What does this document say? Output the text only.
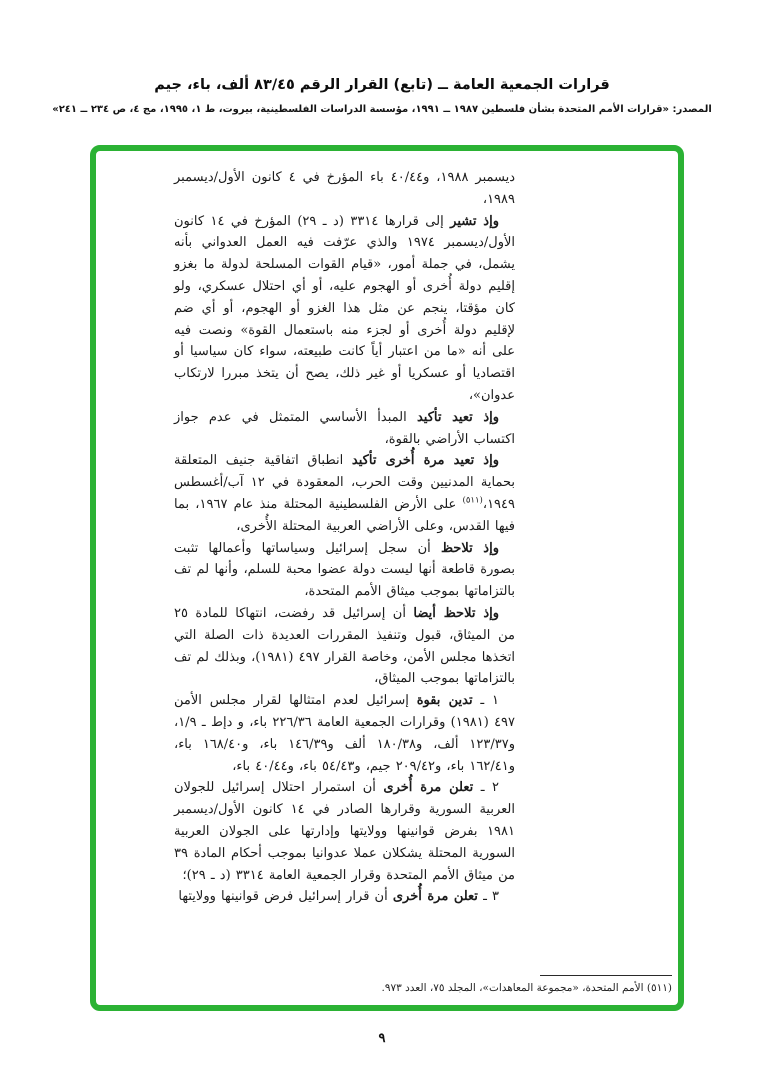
قرارات الجمعية العامة ــ (تابع) القرار الرقم ٨٣/٤٥ ألف، باء، جيم
المصدر: «قرارات الأمم المتحدة بشأن فلسطين ١٩٨٧ ــ ١٩٩١، مؤسسة الدراسات الفلسطينية، بيروت، ط ١، ١٩٩٥، مج ٤، ص ٢٣٤ ــ ٢٤١»

ديسمبر ١٩٨٨، و٤٠/٤٤ باء المؤرخ في ٤ كانون الأول/ديسمبر ١٩٨٩،

وإذ تشير إلى قرارها ٣٣١٤ (د ـ ٢٩) المؤرخ في ١٤ كانون الأول/ديسمبر ١٩٧٤ والذي عرّفت فيه العمل العدواني بأنه يشمل، في جملة أمور، «قيام القوات المسلحة لدولة ما بغزو إقليم دولة أُخرى أو الهجوم عليه، أو أي احتلال عسكري، ولو كان مؤقتا، ينجم عن مثل هذا الغزو أو الهجوم، أو أي ضم لإقليم دولة أُخرى أو لجزء منه باستعمال القوة» ونصت فيه على أنه «ما من اعتبار أياً كانت طبيعته، سواء كان سياسيا أو اقتصاديا أو عسكريا أو غير ذلك، يصح أن يتخذ مبررا لارتكاب عدوان»،

وإذ تعيد تأكيد المبدأ الأساسي المتمثل في عدم جواز اكتساب الأراضي بالقوة،

وإذ تعيد مرة أُخرى تأكيد انطباق اتفاقية جنيف المتعلقة بحماية المدنيين وقت الحرب، المعقودة في ١٢ آب/أغسطس ١٩٤٩،$^{(٥١١)}$ على الأرض الفلسطينية المحتلة منذ عام ١٩٦٧، بما فيها القدس، وعلى الأراضي العربية المحتلة الأُخرى،

وإذ تلاحظ أن سجل إسرائيل وسياساتها وأعمالها تثبت بصورة قاطعة أنها ليست دولة عضوا محبة للسلم، وأنها لم تف بالتزاماتها بموجب ميثاق الأمم المتحدة،

وإذ تلاحظ أيضا أن إسرائيل قد رفضت، انتهاكا للمادة ٢٥ من الميثاق، قبول وتنفيذ المقررات العديدة ذات الصلة التي اتخذها مجلس الأمن، وخاصة القرار ٤٩٧ (١٩٨١)، وبذلك لم تف بالتزاماتها بموجب الميثاق،

١ ـ تدين بقوة إسرائيل لعدم امتثالها لقرار مجلس الأمن ٤٩٧ (١٩٨١) وقرارات الجمعية العامة ٢٢٦/٣٦ باء، و دإط ـ ١/٩، و١٢٣/٣٧ ألف، و١٨٠/٣٨ ألف و١٤٦/٣٩ باء، و١٦٨/٤٠ باء، و١٦٢/٤١ باء، و٢٠٩/٤٢ جيم، و٥٤/٤٣ باء، و٤٠/٤٤ باء،

٢ ـ تعلن مرة أُخرى أن استمرار احتلال إسرائيل للجولان العربية السورية وقرارها الصادر في ١٤ كانون الأول/ديسمبر ١٩٨١ بفرض قوانينها وولايتها وإدارتها على الجولان العربية السورية المحتلة يشكلان عملا عدوانيا بموجب أحكام المادة ٣٩ من ميثاق الأمم المتحدة وقرار الجمعية العامة ٣٣١٤ (د ـ ٢٩)؛

٣ ـ تعلن مرة أُخرى أن قرار إسرائيل فرض قوانينها وولايتها

(٥١١) الأمم المتحدة، «مجموعة المعاهدات»، المجلد ٧٥، العدد ٩٧٣.
٩
